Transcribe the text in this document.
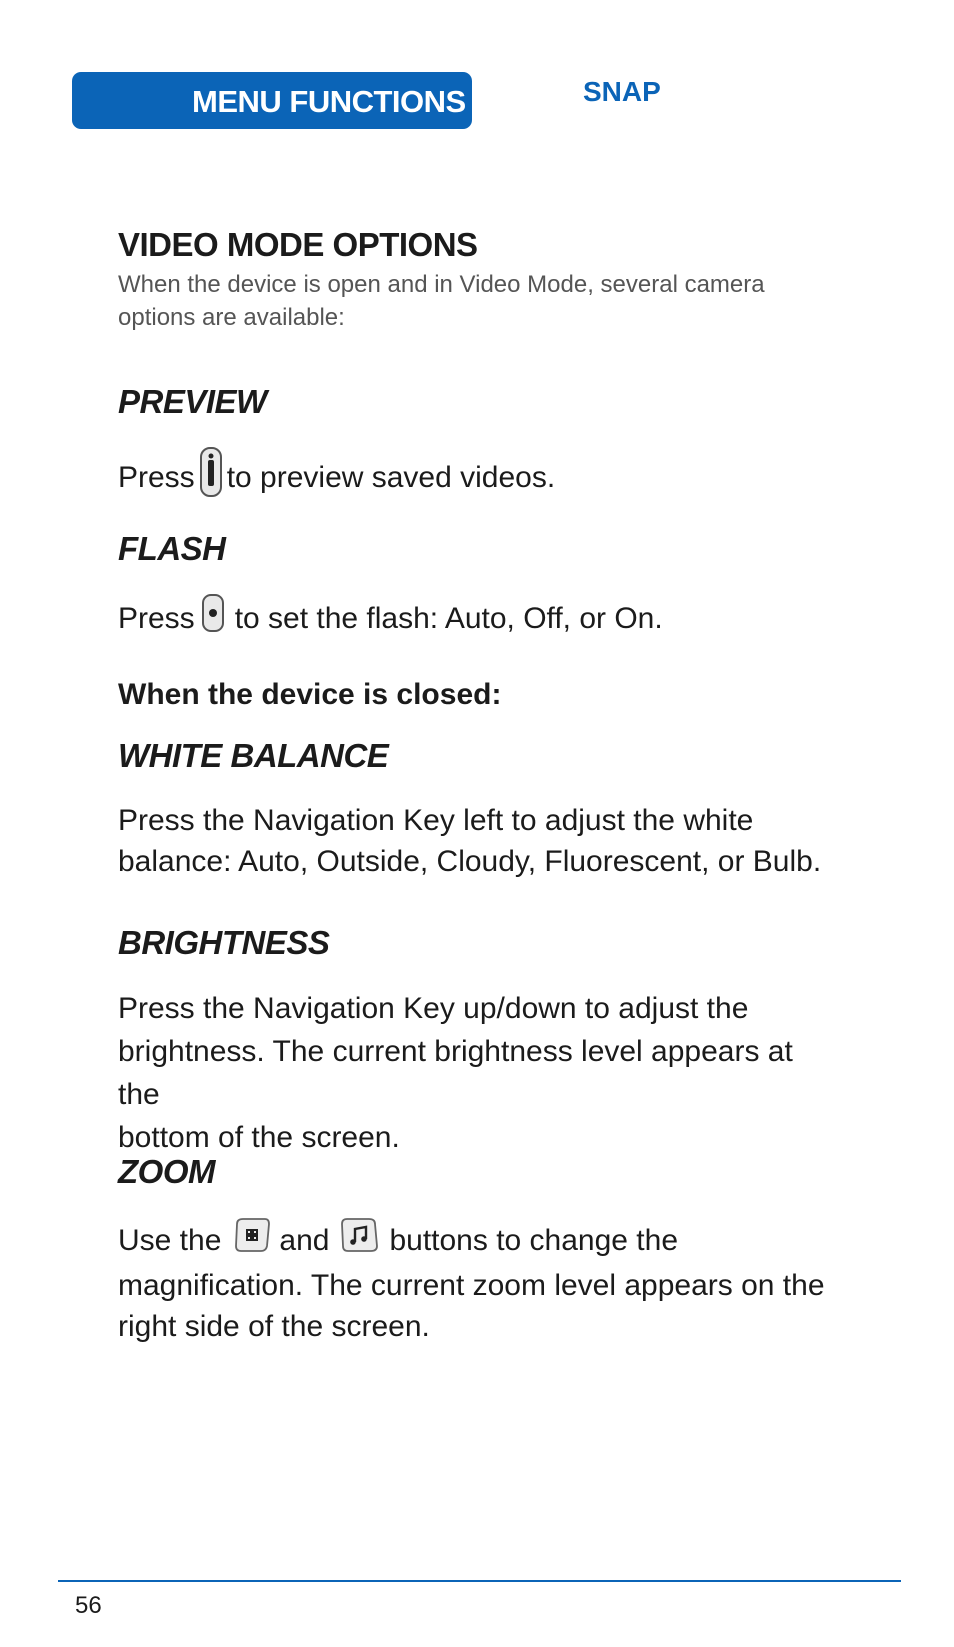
MENU FUNCTIONS	SNAP
VIDEO MODE OPTIONS

When the device is open and in Video Mode, several camera
options are available:

PREVIEW

Press to preview saved videos.

FLASH

Press to set the flash: Auto, Off, or On.

When the device is closed:

WHITE BALANCE

Press the Navigation Key left to adjust the white
balance: Auto, Outside, Cloudy, Fluorescent, or Bulb.

BRIGHTNESS

Press the Navigation Key up/down to adjust the
brightness. The current brightness level appears at the
bottom of the screen.

ZOOM

Use the and buttons to change the

magnification. The current zoom level appears on the
right side of the screen.

56
